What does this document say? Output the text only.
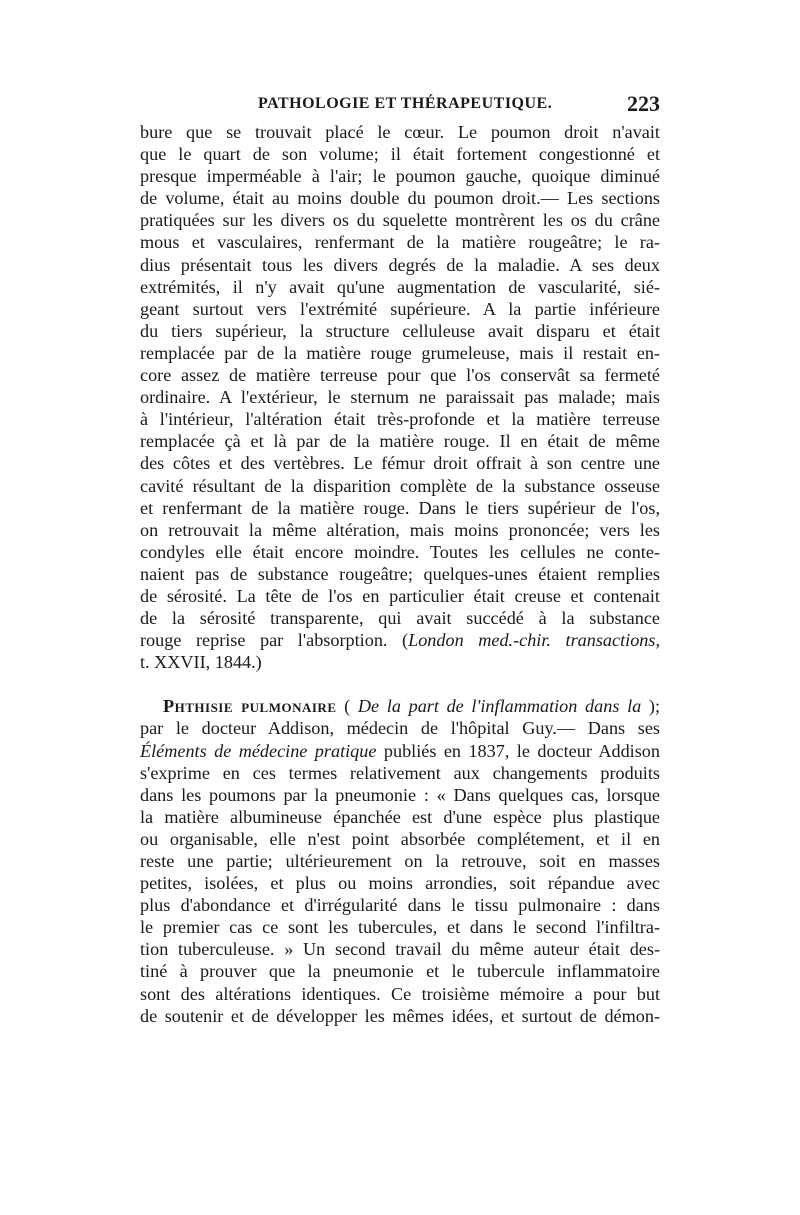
PATHOLOGIE ET THÉRAPEUTIQUE.	223
bure que se trouvait placé le cœur. Le poumon droit n'avait
que le quart de son volume; il était fortement congestionné et
presque imperméable à l'air; le poumon gauche, quoique diminué
de volume, était au moins double du poumon droit.— Les sections
pratiquées sur les divers os du squelette montrèrent les os du crâne
mous et vasculaires, renfermant de la matière rougeâtre; le ra-
dius présentait tous les divers degrés de la maladie. A ses deux
extrémités, il n'y avait qu'une augmentation de vascularité, sié-
geant surtout vers l'extrémité supérieure. A la partie inférieure
du tiers supérieur, la structure celluleuse avait disparu et était
remplacée par de la matière rouge grumeleuse, mais il restait en-
core assez de matière terreuse pour que l'os conservât sa fermeté
ordinaire. A l'extérieur, le sternum ne paraissait pas malade; mais
à l'intérieur, l'altération était très-profonde et la matière terreuse
remplacée çà et là par de la matière rouge. Il en était de même
des côtes et des vertèbres. Le fémur droit offrait à son centre une
cavité résultant de la disparition complète de la substance osseuse
et renfermant de la matière rouge. Dans le tiers supérieur de l'os,
on retrouvait la même altération, mais moins prononcée; vers les
condyles elle était encore moindre. Toutes les cellules ne conte-
naient pas de substance rougeâtre; quelques-unes étaient remplies
de sérosité. La tête de l'os en particulier était creuse et contenait
de la sérosité transparente, qui avait succédé à la substance
rouge reprise par l'absorption. (London med.-chir. transactions,
t. XXVII, 1844.)
Phthisie pulmonaire ( De la part de l'inflammation dans la );
par le docteur Addison, médecin de l'hôpital Guy.— Dans ses
Éléments de médecine pratique publiés en 1837, le docteur Addison
s'exprime en ces termes relativement aux changements produits
dans les poumons par la pneumonie : « Dans quelques cas, lorsque
la matière albumineuse épanchée est d'une espèce plus plastique
ou organisable, elle n'est point absorbée complétement, et il en
reste une partie; ultérieurement on la retrouve, soit en masses
petites, isolées, et plus ou moins arrondies, soit répandue avec
plus d'abondance et d'irrégularité dans le tissu pulmonaire : dans
le premier cas ce sont les tubercules, et dans le second l'infiltra-
tion tuberculeuse. » Un second travail du même auteur était des-
tiné à prouver que la pneumonie et le tubercule inflammatoire
sont des altérations identiques. Ce troisième mémoire a pour but
de soutenir et de développer les mêmes idées, et surtout de démon-
